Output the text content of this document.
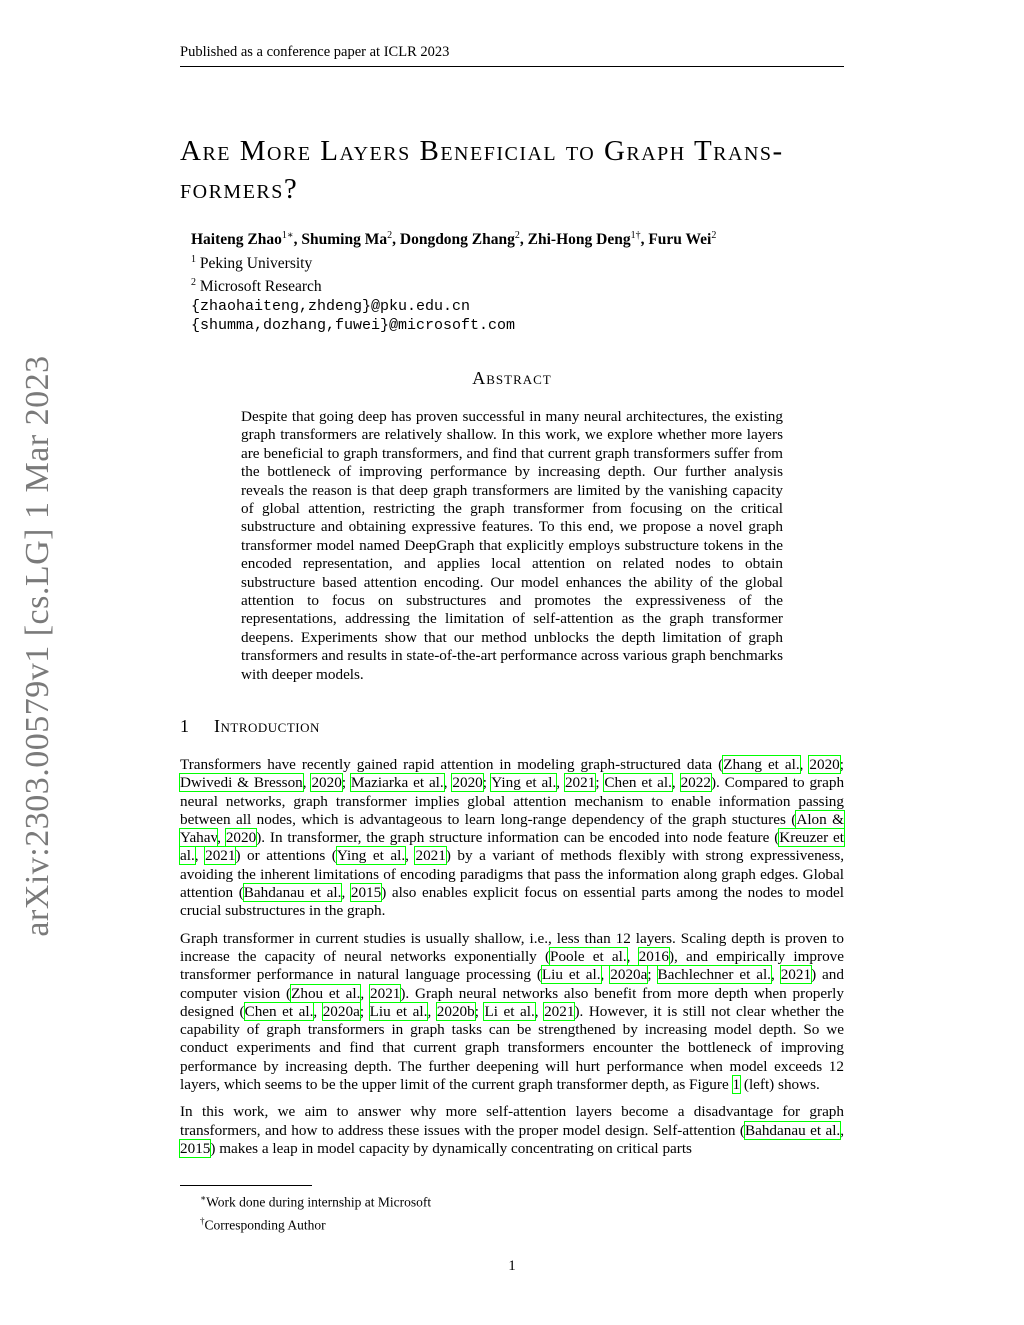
Published as a conference paper at ICLR 2023
arXiv:2303.00579v1 [cs.LG] 1 Mar 2023
Are More Layers Beneficial to Graph Trans-
formers?
Haiteng Zhao$^{1∗}$, Shuming Ma$^2$, Dongdong Zhang$^2$, Zhi-Hong Deng$^{1\dagger}$, Furu Wei$^2$
$^1$ Peking University
$^2$ Microsoft Research
{zhaohaiteng,zhdeng}@pku.edu.cn
{shumma,dozhang,fuwei}@microsoft.com
Abstract
Despite that going deep has proven successful in many neural architectures, the existing graph transformers are relatively shallow. In this work, we explore whether more layers are beneficial to graph transformers, and find that current graph transformers suffer from the bottleneck of improving performance by increasing depth. Our further analysis reveals the reason is that deep graph transformers are limited by the vanishing capacity of global attention, restricting the graph transformer from focusing on the critical substructure and obtaining expressive features. To this end, we propose a novel graph transformer model named DeepGraph that explicitly employs substructure tokens in the encoded representation, and applies local attention on related nodes to obtain substructure based attention encoding. Our model enhances the ability of the global attention to focus on substructures and promotes the expressiveness of the representations, addressing the limitation of self-attention as the graph transformer deepens. Experiments show that our method unblocks the depth limitation of graph transformers and results in state-of-the-art performance across various graph benchmarks with deeper models.
1 Introduction

Transformers have recently gained rapid attention in modeling graph-structured data (Zhang et al., 2020; Dwivedi & Bresson, 2020; Maziarka et al., 2020; Ying et al., 2021; Chen et al., 2022). Compared to graph neural networks, graph transformer implies global attention mechanism to enable information passing between all nodes, which is advantageous to learn long-range dependency of the graph stuctures (Alon & Yahav, 2020). In transformer, the graph structure information can be encoded into node feature (Kreuzer et al., 2021) or attentions (Ying et al., 2021) by a variant of methods flexibly with strong expressiveness, avoiding the inherent limitations of encoding paradigms that pass the information along graph edges. Global attention (Bahdanau et al., 2015) also enables explicit focus on essential parts among the nodes to model crucial substructures in the graph.

Graph transformer in current studies is usually shallow, i.e., less than 12 layers. Scaling depth is proven to increase the capacity of neural networks exponentially (Poole et al., 2016), and empirically improve transformer performance in natural language processing (Liu et al., 2020a; Bachlechner et al., 2021) and computer vision (Zhou et al., 2021). Graph neural networks also benefit from more depth when properly designed (Chen et al., 2020a; Liu et al., 2020b; Li et al., 2021). However, it is still not clear whether the capability of graph transformers in graph tasks can be strengthened by increasing model depth. So we conduct experiments and find that current graph transformers encounter the bottleneck of improving performance by increasing depth. The further deepening will hurt performance when model exceeds 12 layers, which seems to be the upper limit of the current graph transformer depth, as Figure 1 (left) shows.

In this work, we aim to answer why more self-attention layers become a disadvantage for graph transformers, and how to address these issues with the proper model design. Self-attention (Bahdanau et al., 2015) makes a leap in model capacity by dynamically concentrating on critical parts

∗Work done during internship at Microsoft
†Corresponding Author
1
